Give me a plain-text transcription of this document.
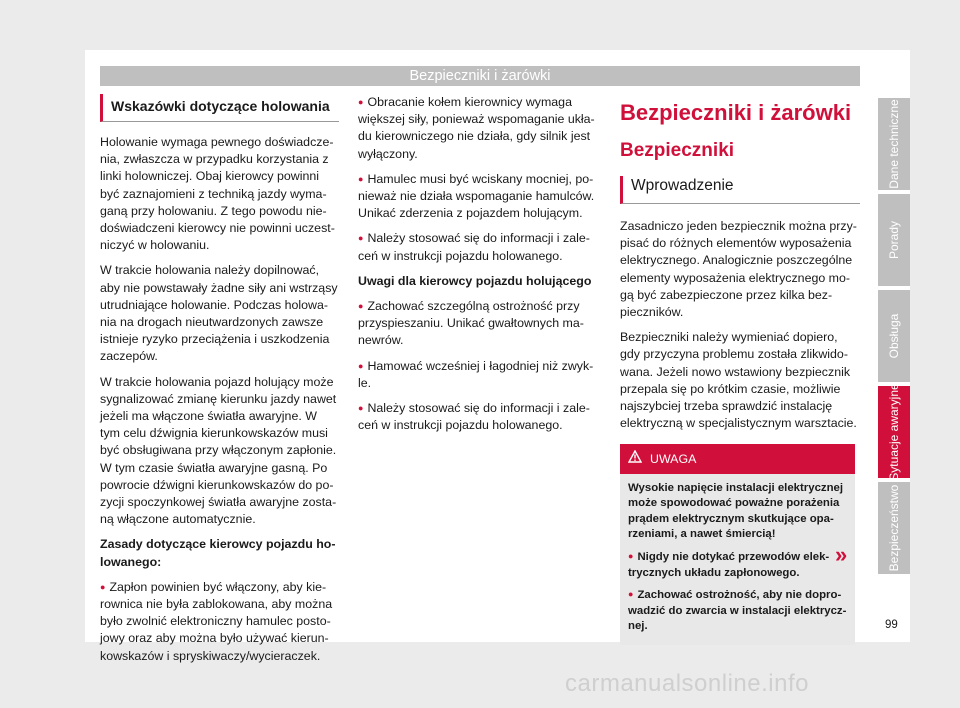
Bezpieczniki i żarówki
Wskazówki dotyczące holowania

Holowanie wymaga pewnego doświadcze-nia, zwłaszcza w przypadku korzystania z linki holowniczej. Obaj kierowcy powinni być zaznajomieni z techniką jazdy wyma-ganą przy holowaniu. Z tego powodu nie-doświadczeni kierowcy nie powinni uczest-niczyć w holowaniu.

W trakcie holowania należy dopilnować, aby nie powstawały żadne siły ani wstrząsy utrudniające holowanie. Podczas holowa-nia na drogach nieutwardzonych zawsze istnieje ryzyko przeciążenia i uszkodzenia zaczepów.

W trakcie holowania pojazd holujący może sygnalizować zmianę kierunku jazdy nawet jeżeli ma włączone światła awaryjne. W tym celu dźwignia kierunkowskazów musi być obsługiwana przy włączonym zapłonie. W tym czasie światła awaryjne gasną. Po powrocie dźwigni kierunkowskazów do po-zycji spoczynkowej światła awaryjne zosta-ną włączone automatycznie.

Zasady dotyczące kierowcy pojazdu ho-lowanego:

● Zapłon powinien być włączony, aby kie-rownica nie była zablokowana, aby można było zwolnić elektroniczny hamulec posto-jowy oraz aby można było używać kierun-kowskazów i spryskiwaczy/wycieraczek.

● Obracanie kołem kierownicy wymaga większej siły, ponieważ wspomaganie ukła-du kierowniczego nie działa, gdy silnik jest wyłączony.

● Hamulec musi być wciskany mocniej, po-nieważ nie działa wspomaganie hamulców. Unikać zderzenia z pojazdem holującym.

● Należy stosować się do informacji i zale-ceń w instrukcji pojazdu holowanego.

Uwagi dla kierowcy pojazdu holującego

● Zachować szczególną ostrożność przy przyspieszaniu. Unikać gwałtownych ma-newrów.

● Hamować wcześniej i łagodniej niż zwyk-le.

● Należy stosować się do informacji i zale-ceń w instrukcji pojazdu holowanego.

Bezpieczniki i żarówki
Bezpieczniki
Wprowadzenie

Zasadniczo jeden bezpiecznik można przy-pisać do różnych elementów wyposażenia elektrycznego. Analogicznie poszczególne elementy wyposażenia elektrycznego mo-gą być zabezpieczone przez kilka bez-pieczników.

Bezpieczniki należy wymieniać dopiero, gdy przyczyna problemu została zlikwido-wana. Jeżeli nowo wstawiony bezpiecznik przepala się po krótkim czasie, możliwie najszybciej trzeba sprawdzić instalację elektryczną w specjalistycznym warsztacie.

UWAGA

Wysokie napięcie instalacji elektrycznej może spowodować poważne porażenia prądem elektrycznym skutkujące opa-rzeniami, a nawet śmiercią!

● Nigdy nie dotykać przewodów elek-trycznych układu zapłonowego.

● Zachować ostrożność, aby nie dopro-wadzić do zwarcia w instalacji elektrycz-nej.

»
Dane techniczne
Porady
Obsługa
Sytuacje awaryjne
Bezpieczeństwo
99
carmanualsonline.info
